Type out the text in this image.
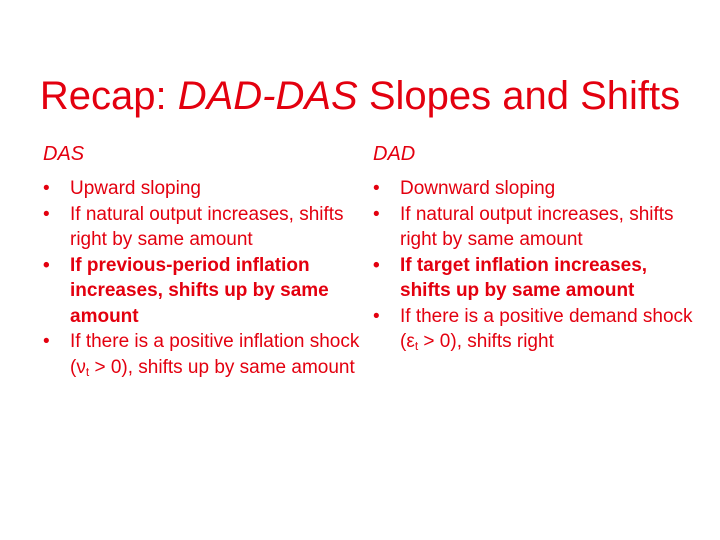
Recap: DAD-DAS Slopes and Shifts
DAS
•	Upward sloping
•	If natural output increases, shifts right by same amount
•	If previous-period inflation increases, shifts up by same amount
•	If there is a positive inflation shock $(\nu_t > 0)$, shifts up by same amount
DAD
•	Downward sloping
•	If natural output increases, shifts right by same amount
•	If target inflation increases, shifts up by same amount
•	If there is a positive demand shock $(\varepsilon_t > 0)$, shifts right
